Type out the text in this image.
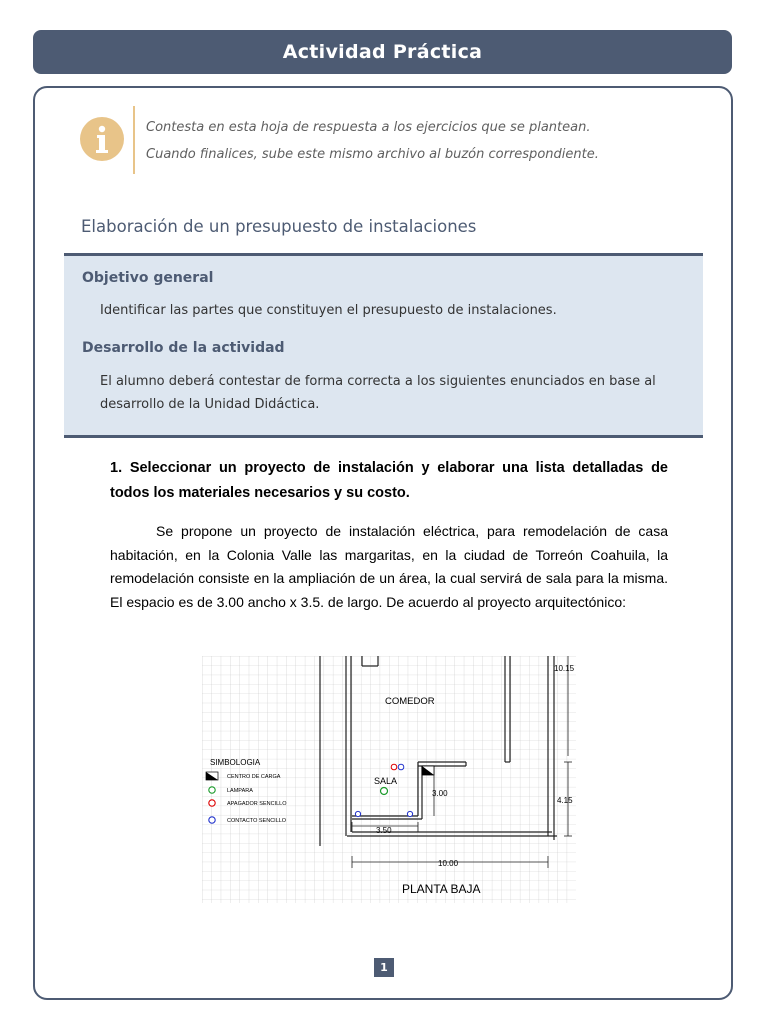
Actividad Práctica
Contesta en esta hoja de respuesta a los ejercicios que se plantean.
Cuando finalices, sube este mismo archivo al buzón correspondiente.
Elaboración de un presupuesto de instalaciones
Objetivo general
Identificar las partes que constituyen el presupuesto de instalaciones.
Desarrollo de la actividad
El alumno deberá contestar de forma correcta a los siguientes enunciados en base al desarrollo de la Unidad Didáctica.
1. Seleccionar un proyecto de instalación y elaborar una lista detalladas de todos los materiales necesarios y su costo.
Se propone un proyecto de instalación eléctrica, para remodelación de casa habitación, en la Colonia Valle las margaritas, en la ciudad de Torreón Coahuila, la remodelación consiste en la ampliación de un área, la cual servirá de sala para la misma. El espacio es de 3.00 ancho x 3.5. de largo. De acuerdo al proyecto arquitectónico:
COMEDOR
SALA
PLANTA BAJA
10.15
3.00
4.15
3.50
10.00
SIMBOLOGIA
CENTRO DE CARGA
LAMPARA
APAGADOR SENCILLO
CONTACTO SENCILLO
1
